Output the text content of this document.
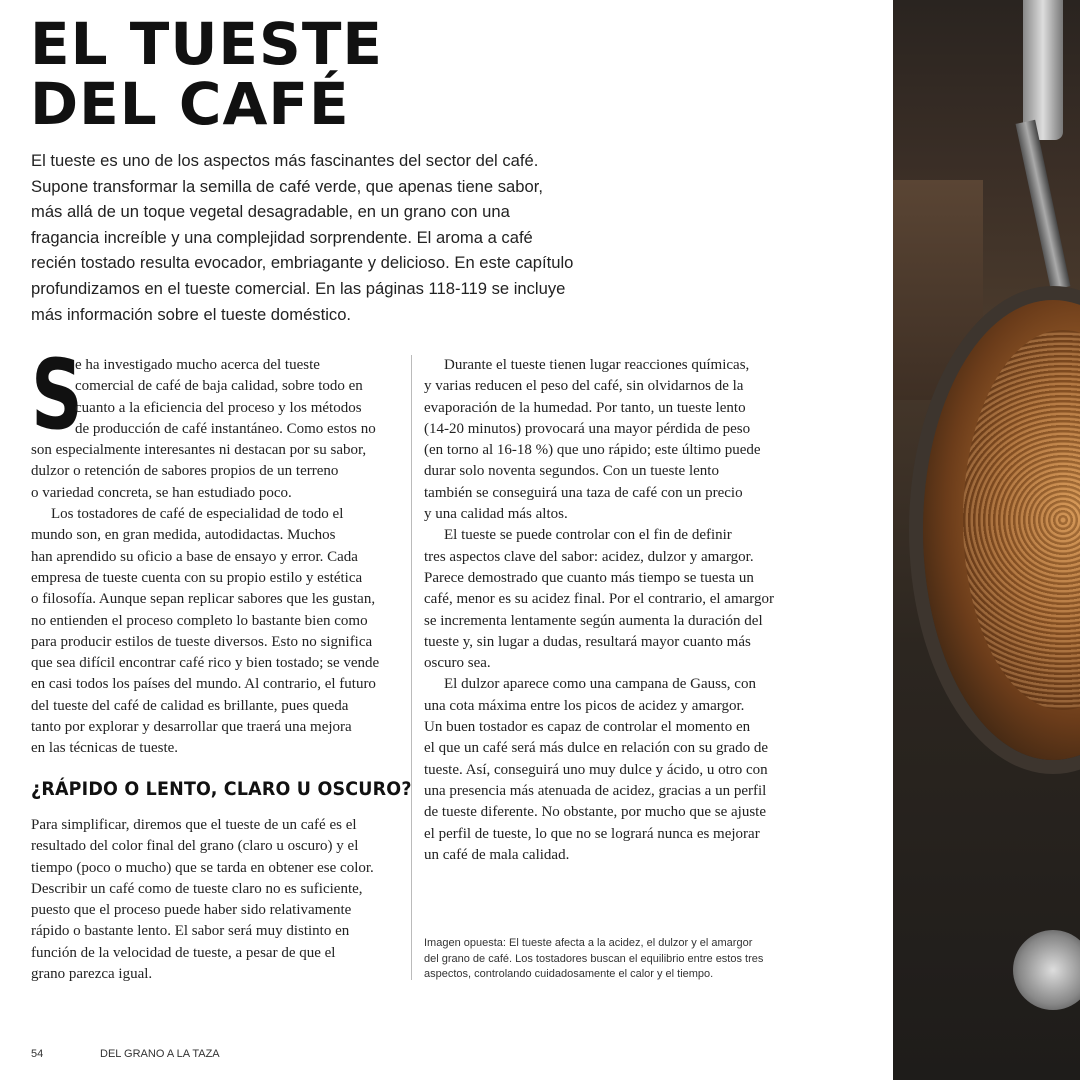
EL TUESTE
DEL CAFÉ
El tueste es uno de los aspectos más fascinantes del sector del café.
Supone transformar la semilla de café verde, que apenas tiene sabor,
más allá de un toque vegetal desagradable, en un grano con una
fragancia increíble y una complejidad sorprendente. El aroma a café
recién tostado resulta evocador, embriagante y delicioso. En este capítulo
profundizamos en el tueste comercial. En las páginas 118-119 se incluye
más información sobre el tueste doméstico.
S
e ha investigado mucho acerca del tueste
comercial de café de baja calidad, sobre todo en
cuanto a la eficiencia del proceso y los métodos
de producción de café instantáneo. Como estos no
son especialmente interesantes ni destacan por su sabor,
dulzor o retención de sabores propios de un terreno
o variedad concreta, se han estudiado poco.
Los tostadores de café de especialidad de todo el
mundo son, en gran medida, autodidactas. Muchos
han aprendido su oficio a base de ensayo y error. Cada
empresa de tueste cuenta con su propio estilo y estética
o filosofía. Aunque sepan replicar sabores que les gustan,
no entienden el proceso completo lo bastante bien como
para producir estilos de tueste diversos. Esto no significa
que sea difícil encontrar café rico y bien tostado; se vende
en casi todos los países del mundo. Al contrario, el futuro
del tueste del café de calidad es brillante, pues queda
tanto por explorar y desarrollar que traerá una mejora
en las técnicas de tueste.
¿RÁPIDO O LENTO, CLARO U OSCURO?
Para simplificar, diremos que el tueste de un café es el
resultado del color final del grano (claro u oscuro) y el
tiempo (poco o mucho) que se tarda en obtener ese color.
Describir un café como de tueste claro no es suficiente,
puesto que el proceso puede haber sido relativamente
rápido o bastante lento. El sabor será muy distinto en
función de la velocidad de tueste, a pesar de que el
grano parezca igual.
Durante el tueste tienen lugar reacciones químicas,
y varias reducen el peso del café, sin olvidarnos de la
evaporación de la humedad. Por tanto, un tueste lento
(14-20 minutos) provocará una mayor pérdida de peso
(en torno al 16-18 %) que uno rápido; este último puede
durar solo noventa segundos. Con un tueste lento
también se conseguirá una taza de café con un precio
y una calidad más altos.
El tueste se puede controlar con el fin de definir
tres aspectos clave del sabor: acidez, dulzor y amargor.
Parece demostrado que cuanto más tiempo se tuesta un
café, menor es su acidez final. Por el contrario, el amargor
se incrementa lentamente según aumenta la duración del
tueste y, sin lugar a dudas, resultará mayor cuanto más
oscuro sea.
El dulzor aparece como una campana de Gauss, con
una cota máxima entre los picos de acidez y amargor.
Un buen tostador es capaz de controlar el momento en
el que un café será más dulce en relación con su grado de
tueste. Así, conseguirá uno muy dulce y ácido, u otro con
una presencia más atenuada de acidez, gracias a un perfil
de tueste diferente. No obstante, por mucho que se ajuste
el perfil de tueste, lo que no se logrará nunca es mejorar
un café de mala calidad.
Imagen opuesta: El tueste afecta a la acidez, el dulzor y el amargor
del grano de café. Los tostadores buscan el equilibrio entre estos tres
aspectos, controlando cuidadosamente el calor y el tiempo.
54	DEL GRANO A LA TAZA
